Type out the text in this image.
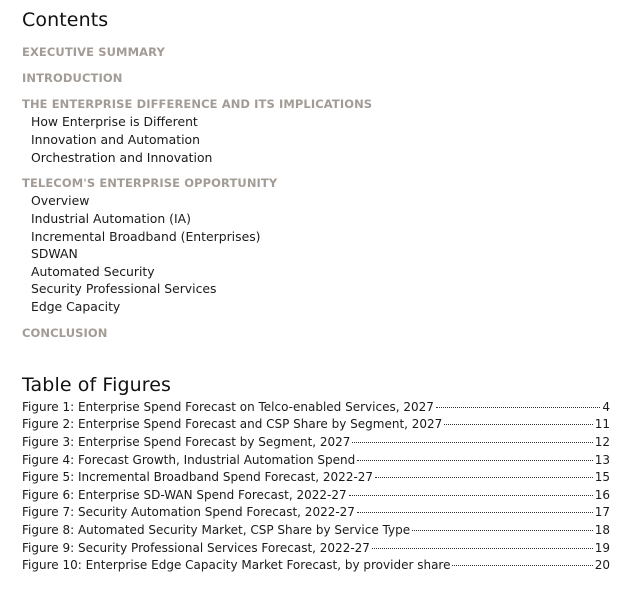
Contents
EXECUTIVE SUMMARY
INTRODUCTION
THE ENTERPRISE DIFFERENCE AND ITS IMPLICATIONS
How Enterprise is Different
Innovation and Automation
Orchestration and Innovation
TELECOM'S ENTERPRISE OPPORTUNITY
Overview
Industrial Automation (IA)
Incremental Broadband (Enterprises)
SDWAN
Automated Security
Security Professional Services
Edge Capacity
CONCLUSION
Table of Figures
Figure 1: Enterprise Spend Forecast on Telco-enabled Services, 2027	4
Figure 2: Enterprise Spend Forecast and CSP Share by Segment, 2027	11
Figure 3: Enterprise Spend Forecast by Segment, 2027	12
Figure 4: Forecast Growth, Industrial Automation Spend	13
Figure 5: Incremental Broadband Spend Forecast, 2022-27	15
Figure 6: Enterprise SD-WAN Spend Forecast, 2022-27	16
Figure 7: Security Automation Spend Forecast, 2022-27	17
Figure 8: Automated Security Market, CSP Share by Service Type	18
Figure 9: Security Professional Services Forecast, 2022-27	19
Figure 10: Enterprise Edge Capacity Market Forecast, by provider share	20
